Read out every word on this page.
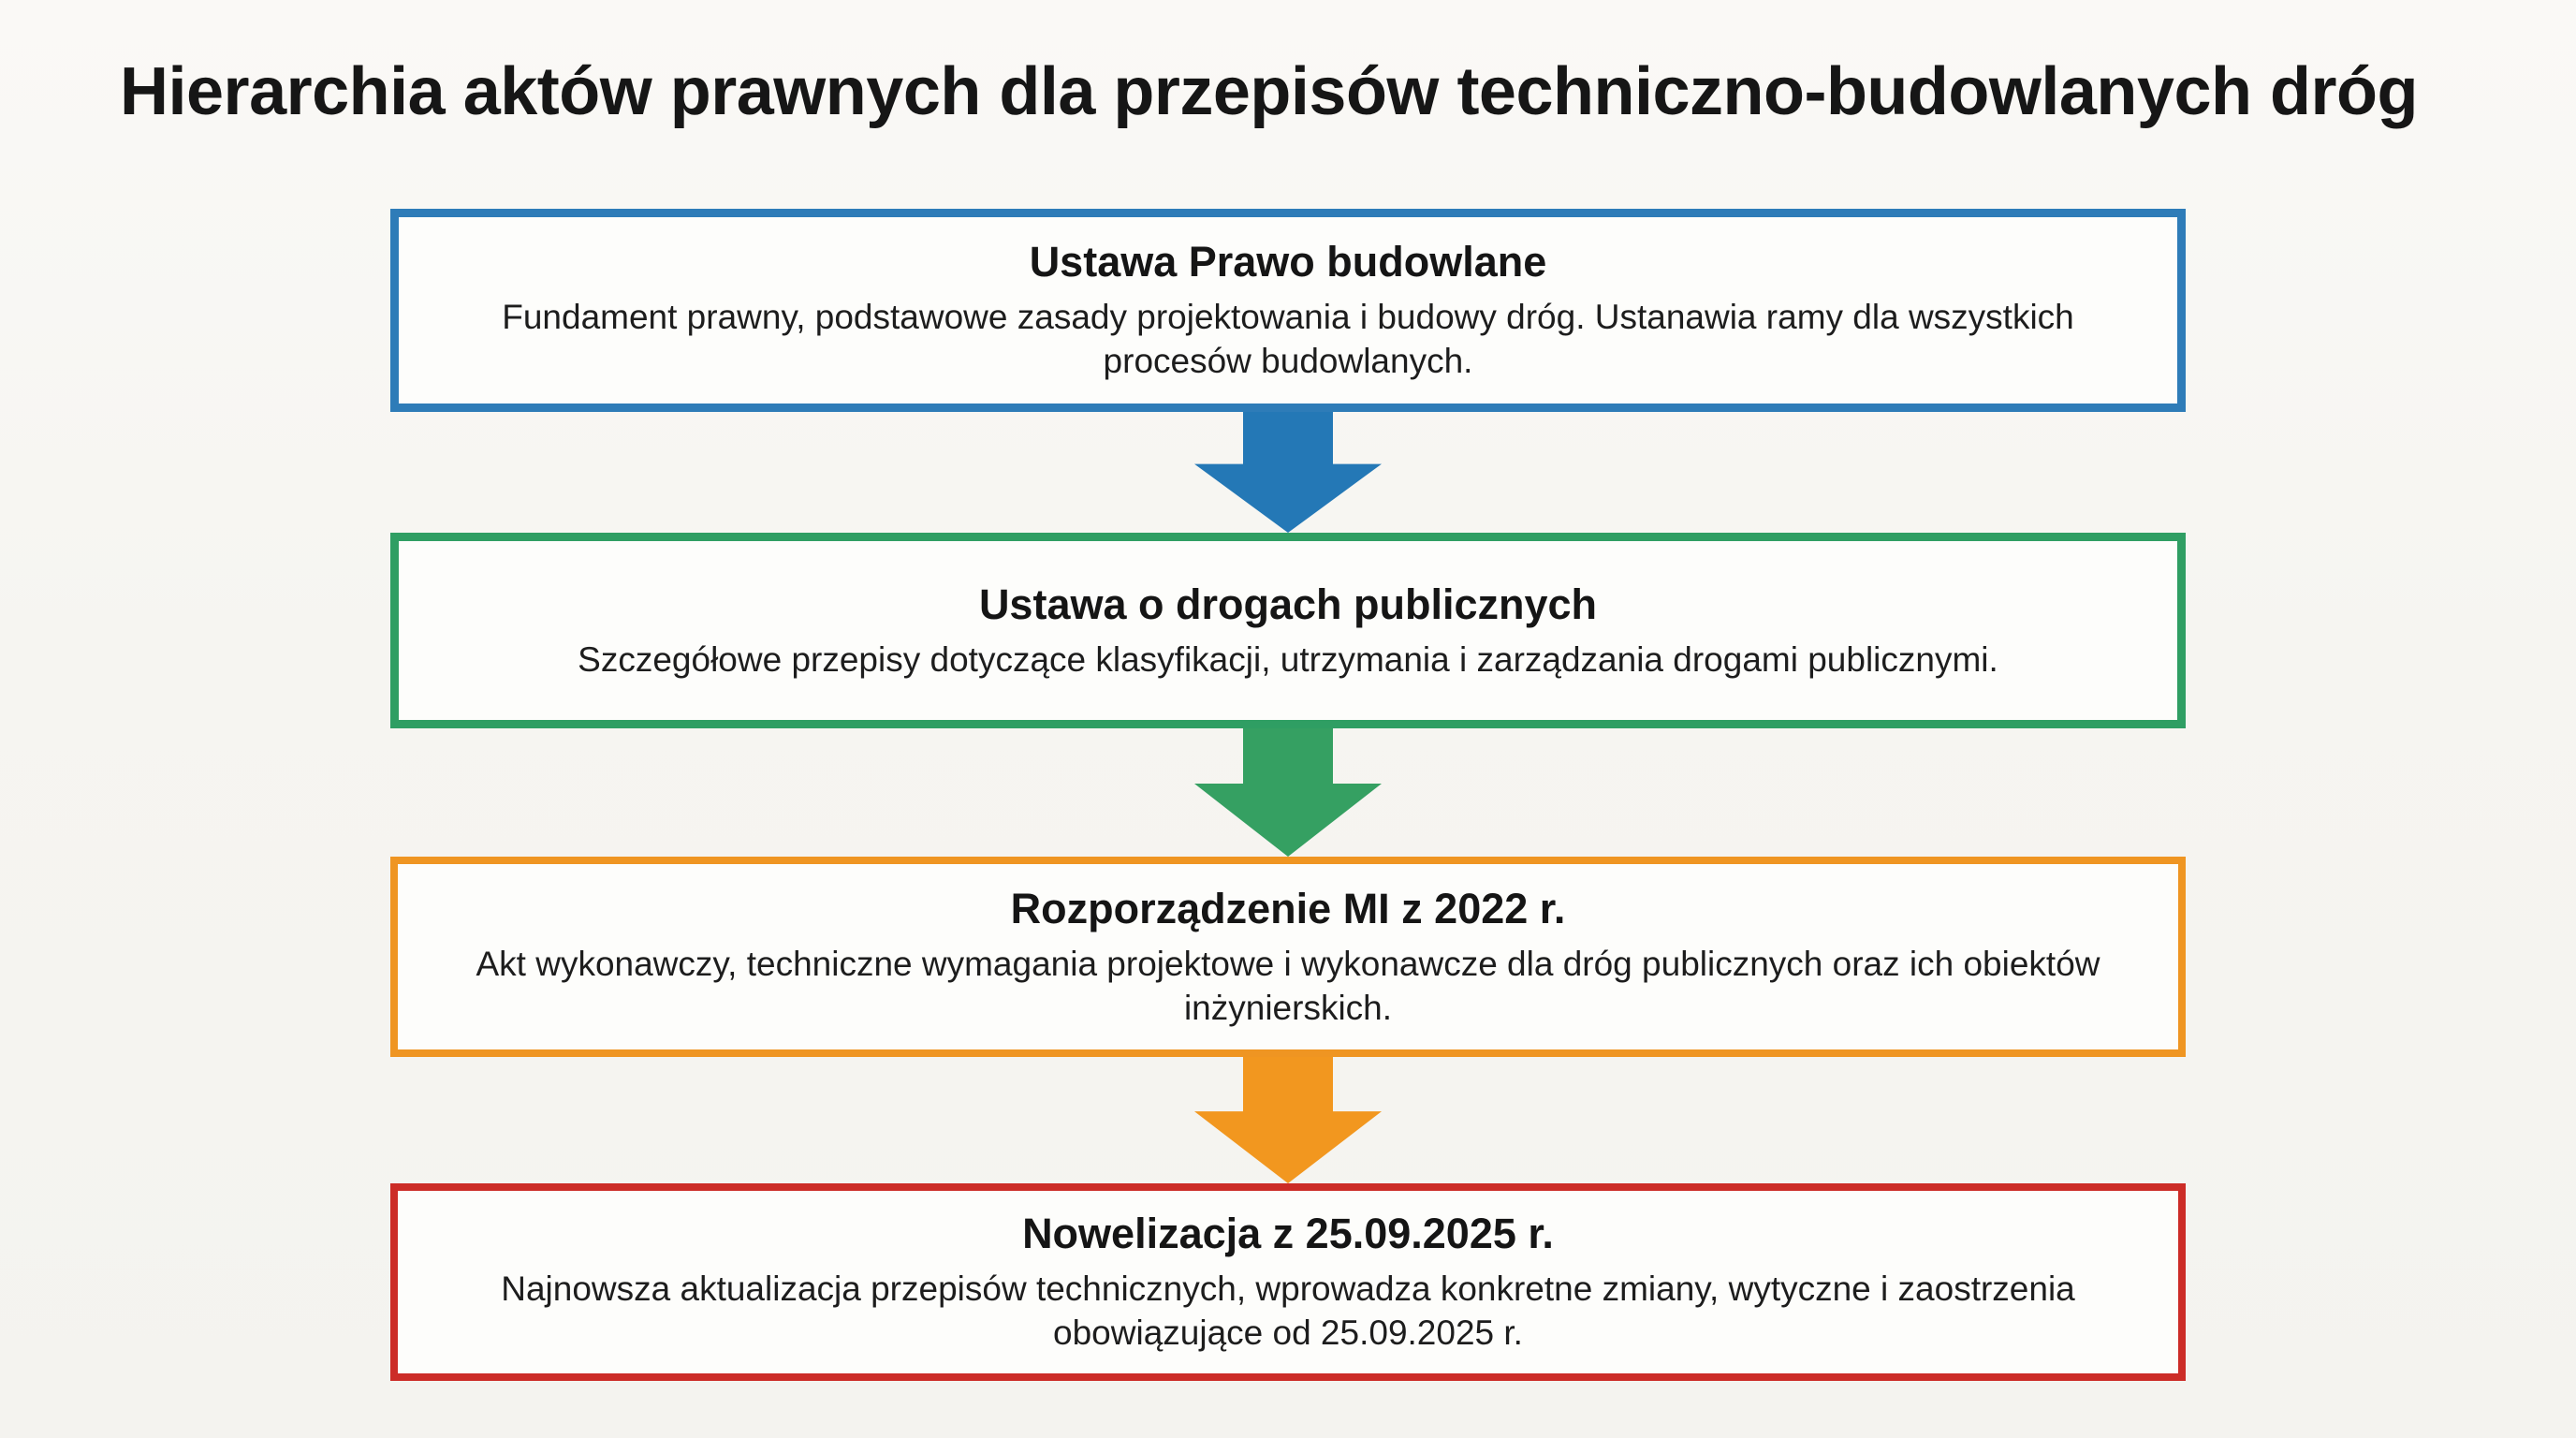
Hierarchia aktów prawnych dla przepisów techniczno-budowlanych dróg
Ustawa Prawo budowlane
Fundament prawny, podstawowe zasady projektowania i budowy dróg. Ustanawia ramy dla wszystkich procesów budowlanych.
Ustawa o drogach publicznych
Szczegółowe przepisy dotyczące klasyfikacji, utrzymania i zarządzania drogami publicznymi.
Rozporządzenie MI z 2022 r.
Akt wykonawczy, techniczne wymagania projektowe i wykonawcze dla dróg publicznych oraz ich obiektów inżynierskich.
Nowelizacja z 25.09.2025 r.
Najnowsza aktualizacja przepisów technicznych, wprowadza konkretne zmiany, wytyczne i zaostrzenia obowiązujące od 25.09.2025 r.
